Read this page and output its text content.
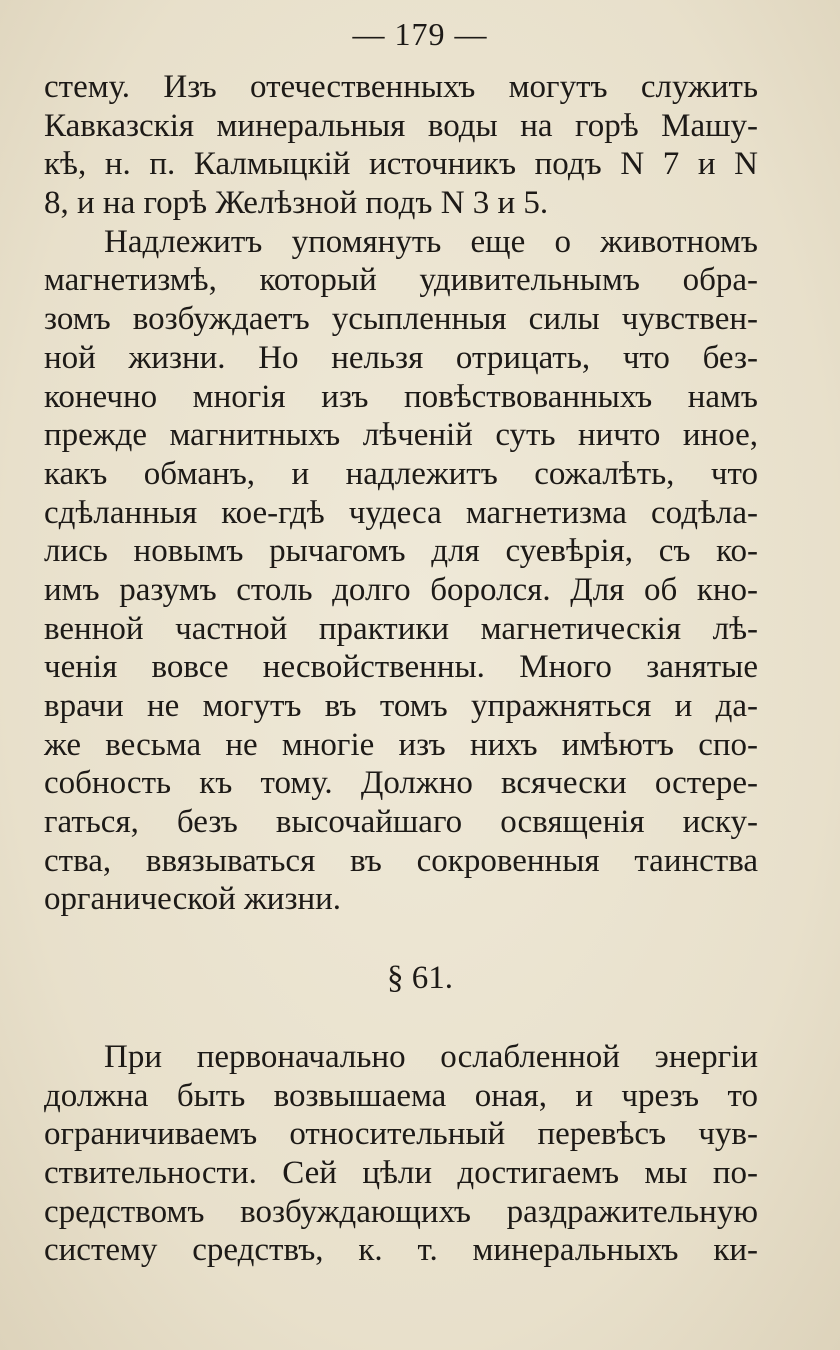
— 179 —
стему. Изъ отечественныхъ могутъ служить
Кавказскія минеральныя воды на горѣ Машу-
кѣ, н. п. Калмыцкій источникъ подъ N 7 и N
8, и на горѣ Желѣзной подъ N 3 и 5.
Надлежитъ упомянуть еще о животномъ
магнетизмѣ, который удивительнымъ обра-
зомъ возбуждаетъ усыпленныя силы чувствен-
ной жизни. Но нельзя отрицать, что без-
конечно многія изъ повѣствованныхъ намъ
прежде магнитныхъ лѣченій суть ничто иное,
какъ обманъ, и надлежитъ сожалѣть, что
сдѣланныя кое-гдѣ чудеса магнетизма содѣла-
лись новымъ рычагомъ для суевѣрія, съ ко-
имъ разумъ столь долго боролся. Для об кно-
венной частной практики магнетическія лѣ-
ченія вовсе несвойственны. Много занятые
врачи не могутъ въ томъ упражняться и да-
же весьма не многіе изъ нихъ имѣютъ спо-
собность къ тому. Должно всячески остере-
гаться, безъ высочайшаго освященія иску-
ства, ввязываться въ сокровенныя таинства
органической жизни.
§ 61.
При первоначально ослабленной энергіи
должна быть возвышаема оная, и чрезъ то
ограничиваемъ относительный перевѣсъ чув-
ствительности. Сей цѣли достигаемъ мы по-
средствомъ возбуждающихъ раздражительную
систему средствъ, к. т. минеральныхъ ки-
